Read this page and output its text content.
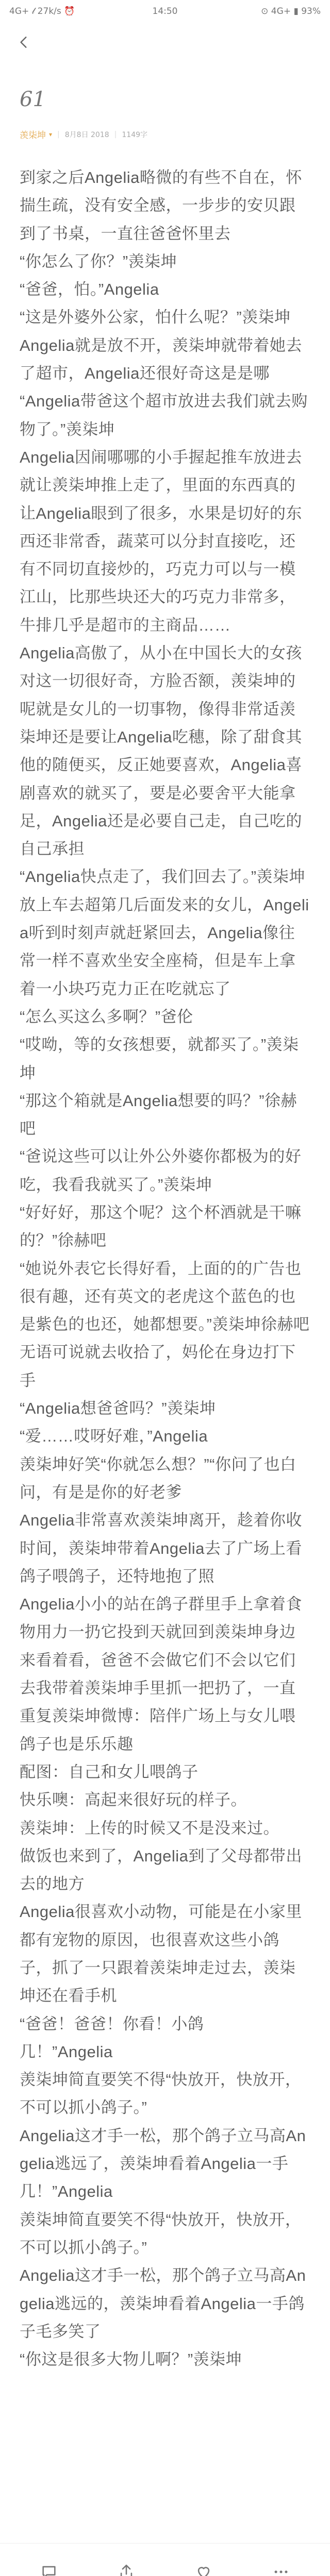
4G+ 𝓁 27k/s ⏰	14:50	⊙ 4G+ ▮ 93%
61
羡柒坤 ▾ | 8月8日 2018 | 1149字

到家之后Angelia略微的有些不自在，怀揣生疏，没有安全感，一步步的安贝跟到了书桌，一直往爸爸怀里去

“你怎么了你？”羡柒坤

“爸爸，怕。”Angelia

“这是外婆外公家，怕什么呢？”羡柒坤

Angelia就是放不开，羡柒坤就带着她去了超市，Angelia还很好奇这是是哪

“Angelia带爸这个超市放进去我们就去购物了。”羡柒坤

Angelia因闹哪哪的小手握起推车放进去就让羡柒坤推上走了，里面的东西真的让Angelia眼到了很多，水果是切好的东西还非常香，蔬菜可以分封直接吃，还有不同切直接炒的，巧克力可以与一模江山，比那些块还大的巧克力非常多，牛排几乎是超市的主商品……

Angelia高傲了，从小在中国长大的女孩对这一切很好奇，方脸否额，羡柒坤的呢就是女儿的一切事物，像得非常适羡柒坤还是要让Angelia吃穗，除了甜食其他的随便买，反正她要喜欢，Angelia喜剧喜欢的就买了，要是必要舍平大能拿足，Angelia还是必要自己走，自己吃的自己承担

“Angelia快点走了，我们回去了。”羡柒坤放上车去超第几后面发来的女儿，Angelia听到时刻声就赶紧回去，Angelia像往常一样不喜欢坐安全座椅，但是车上拿着一小块巧克力正在吃就忘了

“怎么买这么多啊？”爸伦

“哎呦，等的女孩想要，就都买了。”羡柒坤

“那这个箱就是Angelia想要的吗？”徐赫吧

“爸说这些可以让外公外婆你都极为的好吃，我看我就买了。”羡柒坤

“好好好，那这个呢？这个杯酒就是干嘛的？”徐赫吧

“她说外表它长得好看，上面的的广告也很有趣，还有英文的老虎这个蓝色的也是紫色的也还，她都想要。”羡柒坤徐赫吧无语可说就去收拾了，妈伦在身边打下手

“Angelia想爸爸吗？”羡柒坤

“爱……哎呀好难，”Angelia

羡柒坤好笑“你就怎么想？”“你问了也白问，有是是你的好老爹

Angelia非常喜欢羡柒坤离开，趁着你收时间，羡柒坤带着Angelia去了广场上看鸽子喂鸽子，还特地抱了照

Angelia小小的站在鸽子群里手上拿着食物用力一扔它投到天就回到羡柒坤身边来看着看，爸爸不会做它们不会以它们去我带着羡柒坤手里抓一把扔了，一直重复羡柒坤微博：陪伴广场上与女儿喂鸽子也是乐乐趣

配图：自己和女儿喂鸽子

快乐噢：高起来很好玩的样子。

羡柒坤：上传的时候又不是没来过。

做饭也来到了，Angelia到了父母都带出去的地方

Angelia很喜欢小动物，可能是在小家里都有宠物的原因，也很喜欢这些小鸽子，抓了一只跟着羡柒坤走过去，羡柒坤还在看手机

“爸爸！爸爸！你看！小鸽

几！”Angelia

羡柒坤简直要笑不得“快放开，快放开，不可以抓小鸽子。”

Angelia这才手一松，那个鸽子立马高Angelia逃远了，羡柒坤看着Angelia一手

几！”Angelia

羡柒坤简直要笑不得“快放开，快放开，不可以抓小鸽子。”

Angelia这才手一松，那个鸽子立马高Angelia逃远的，羡柒坤看着Angelia一手鸽子毛多笑了

“你这是很多大物儿啊？”羡柒坤
